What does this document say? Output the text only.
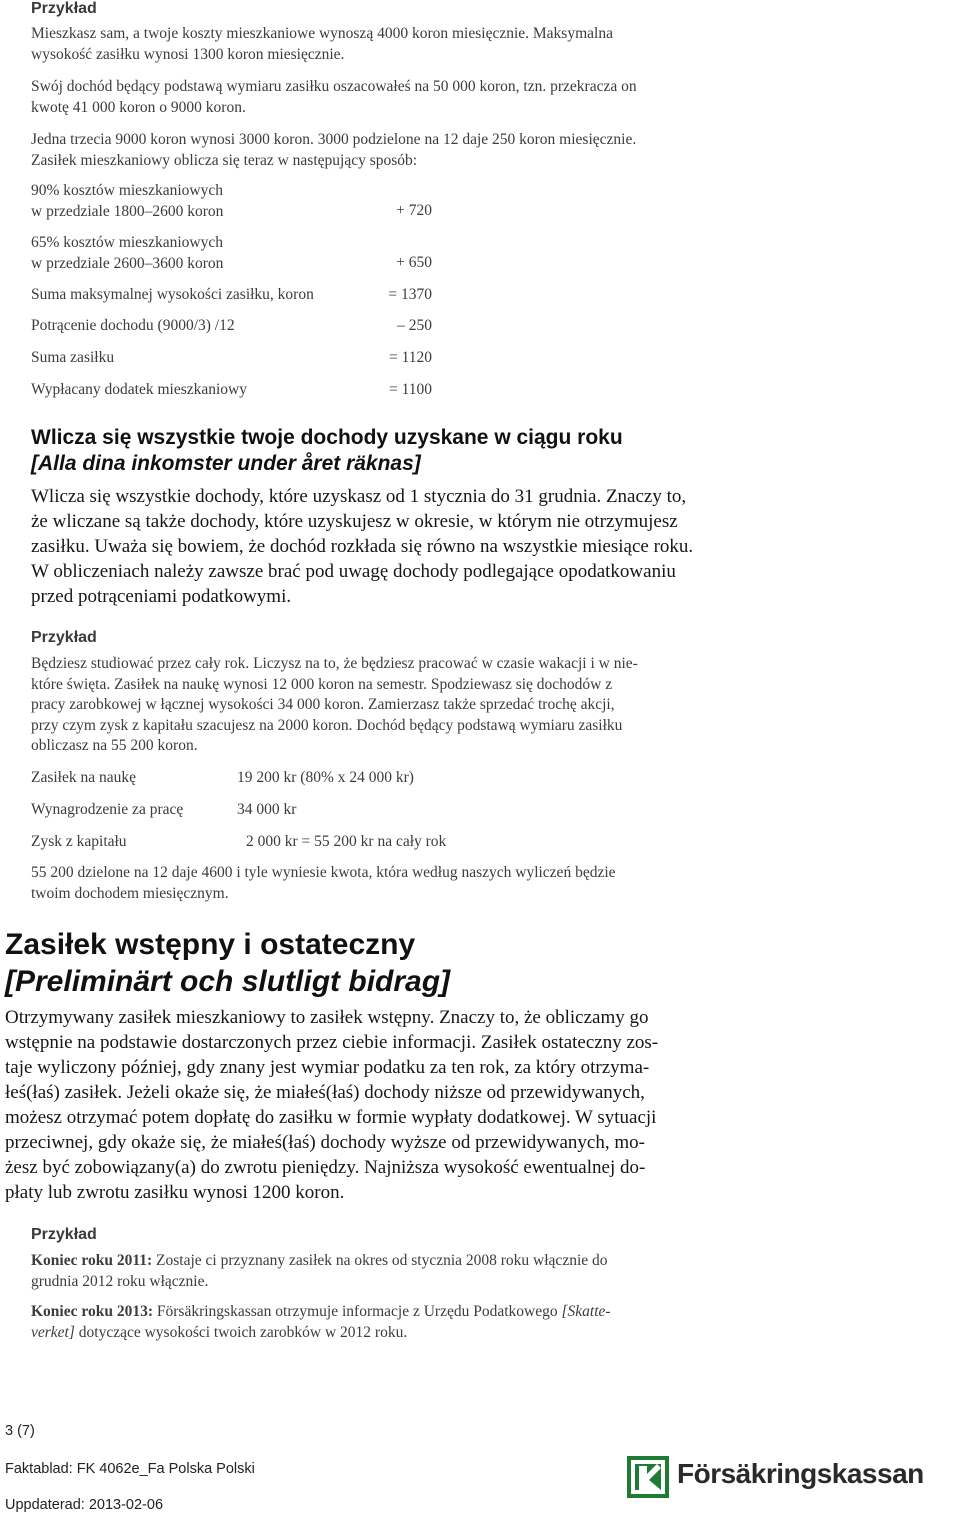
Przykład
Mieszkasz sam, a twoje koszty mieszkaniowe wynoszą 4000 koron miesięcznie. Maksymalna
wysokość zasiłku wynosi 1300 koron miesięcznie.
Swój dochód będący podstawą wymiaru zasiłku oszacowałeś na 50 000 koron, tzn. przekracza on
kwotę 41 000 koron o 9000 koron.
Jedna trzecia 9000 koron wynosi 3000 koron. 3000 podzielone na 12 daje 250 koron miesięcznie.
Zasiłek mieszkaniowy oblicza się teraz w następujący sposób:
90% kosztów mieszkaniowych
w przedziale 1800–2600 koron	+ 720
65% kosztów mieszkaniowych
w przedziale 2600–3600 koron	+ 650
Suma maksymalnej wysokości zasiłku, koron	= 1370
Potrącenie dochodu (9000/3) /12	– 250
Suma zasiłku	= 1120
Wypłacany dodatek mieszkaniowy	= 1100
Wlicza się wszystkie twoje dochody uzyskane w ciągu roku
[Alla dina inkomster under året räknas]
Wlicza się wszystkie dochody, które uzyskasz od 1 stycznia do 31 grudnia. Znaczy to,
że wliczane są także dochody, które uzyskujesz w okresie, w którym nie otrzymujesz
zasiłku. Uważa się bowiem, że dochód rozkłada się równo na wszystkie miesiące roku.
W obliczeniach należy zawsze brać pod uwagę dochody podlegające opodatkowaniu
przed potrąceniami podatkowymi.
Przykład
Będziesz studiować przez cały rok. Liczysz na to, że będziesz pracować w czasie wakacji i w nie-
które święta. Zasiłek na naukę wynosi 12 000 koron na semestr. Spodziewasz się dochodów z
pracy zarobkowej w łącznej wysokości 34 000 koron. Zamierzasz także sprzedać trochę akcji,
przy czym zysk z kapitału szacujesz na 2000 koron. Dochód będący podstawą wymiaru zasiłku
obliczasz na 55 200 koron.
Zasiłek na naukę	19 200 kr (80% x 24 000 kr)
Wynagrodzenie za pracę	34 000 kr
Zysk z kapitału	2 000 kr = 55 200 kr na cały rok
55 200 dzielone na 12 daje 4600 i tyle wyniesie kwota, która według naszych wyliczeń będzie
twoim dochodem miesięcznym.
Zasiłek wstępny i ostateczny
[Preliminärt och slutligt bidrag]
Otrzymywany zasiłek mieszkaniowy to zasiłek wstępny. Znaczy to, że obliczamy go
wstępnie na podstawie dostarczonych przez ciebie informacji. Zasiłek ostateczny zos-
taje wyliczony później, gdy znany jest wymiar podatku za ten rok, za który otrzyma-
łeś(łaś) zasiłek. Jeżeli okaże się, że miałeś(łaś) dochody niższe od przewidywanych,
możesz otrzymać potem dopłatę do zasiłku w formie wypłaty dodatkowej. W sytuacji
przeciwnej, gdy okaże się, że miałeś(łaś) dochody wyższe od przewidywanych, mo-
żesz być zobowiązany(a) do zwrotu pieniędzy. Najniższa wysokość ewentualnej do-
płaty lub zwrotu zasiłku wynosi 1200 koron.
Przykład
Koniec roku 2011: Zostaje ci przyznany zasiłek na okres od stycznia 2008 roku włącznie do
grudnia 2012 roku włącznie.
Koniec roku 2013: Försäkringskassan otrzymuje informacje z Urzędu Podatkowego [Skatte-
verket] dotyczące wysokości twoich zarobków w 2012 roku.
3 (7)
Faktablad: FK 4062e_Fa Polska Polski
Uppdaterad: 2013-02-06
Försäkringskassan
